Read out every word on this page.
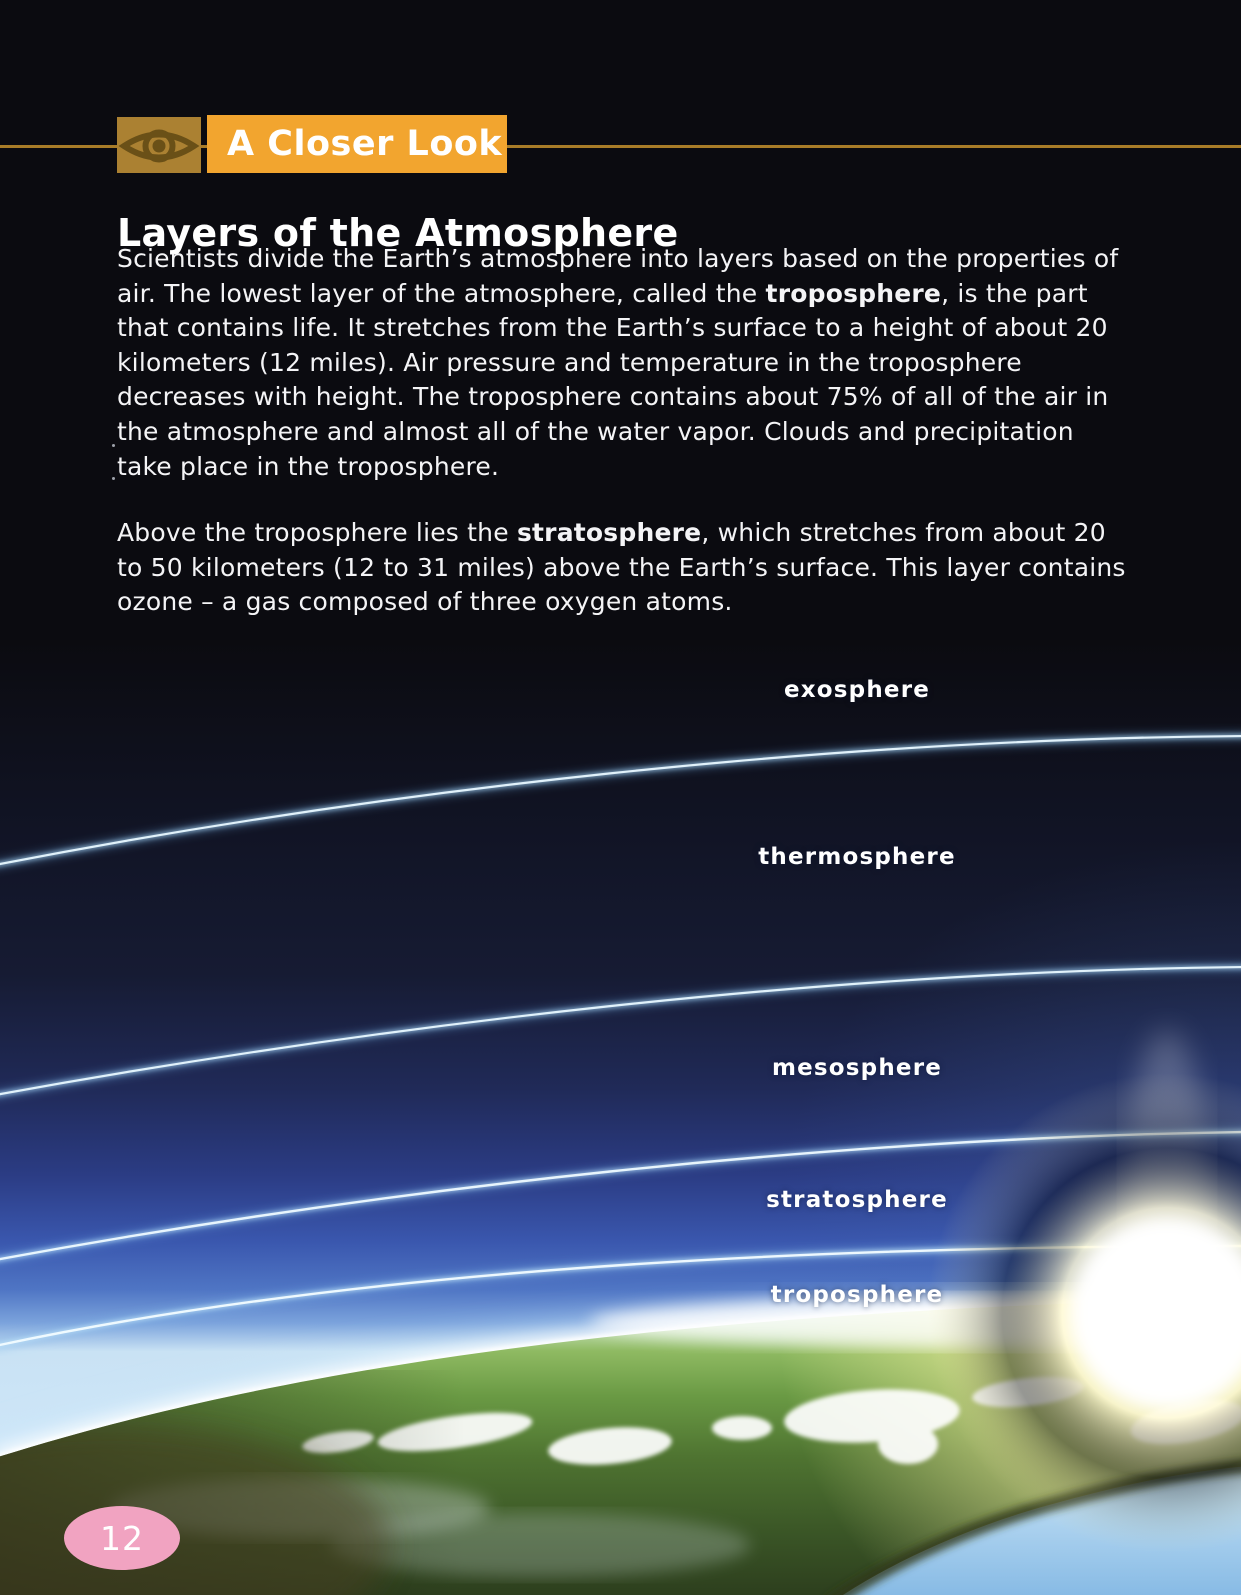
A Closer Look
Layers of the Atmosphere

Scientists divide the Earth’s atmosphere into layers based on the properties of air. The lowest layer of the atmosphere, called the troposphere, is the part that contains life. It stretches from the Earth’s surface to a height of about 20 kilometers (12 miles). Air pressure and temperature in the troposphere decreases with height. The troposphere contains about 75% of all of the air in the atmosphere and almost all of the water vapor. Clouds and precipitation take place in the troposphere.

Above the troposphere lies the stratosphere, which stretches from about 20 to 50 kilometers (12 to 31 miles) above the Earth’s surface. This layer contains ozone – a gas composed of three oxygen atoms.

exosphere
thermosphere
mesosphere
stratosphere
troposphere
12
